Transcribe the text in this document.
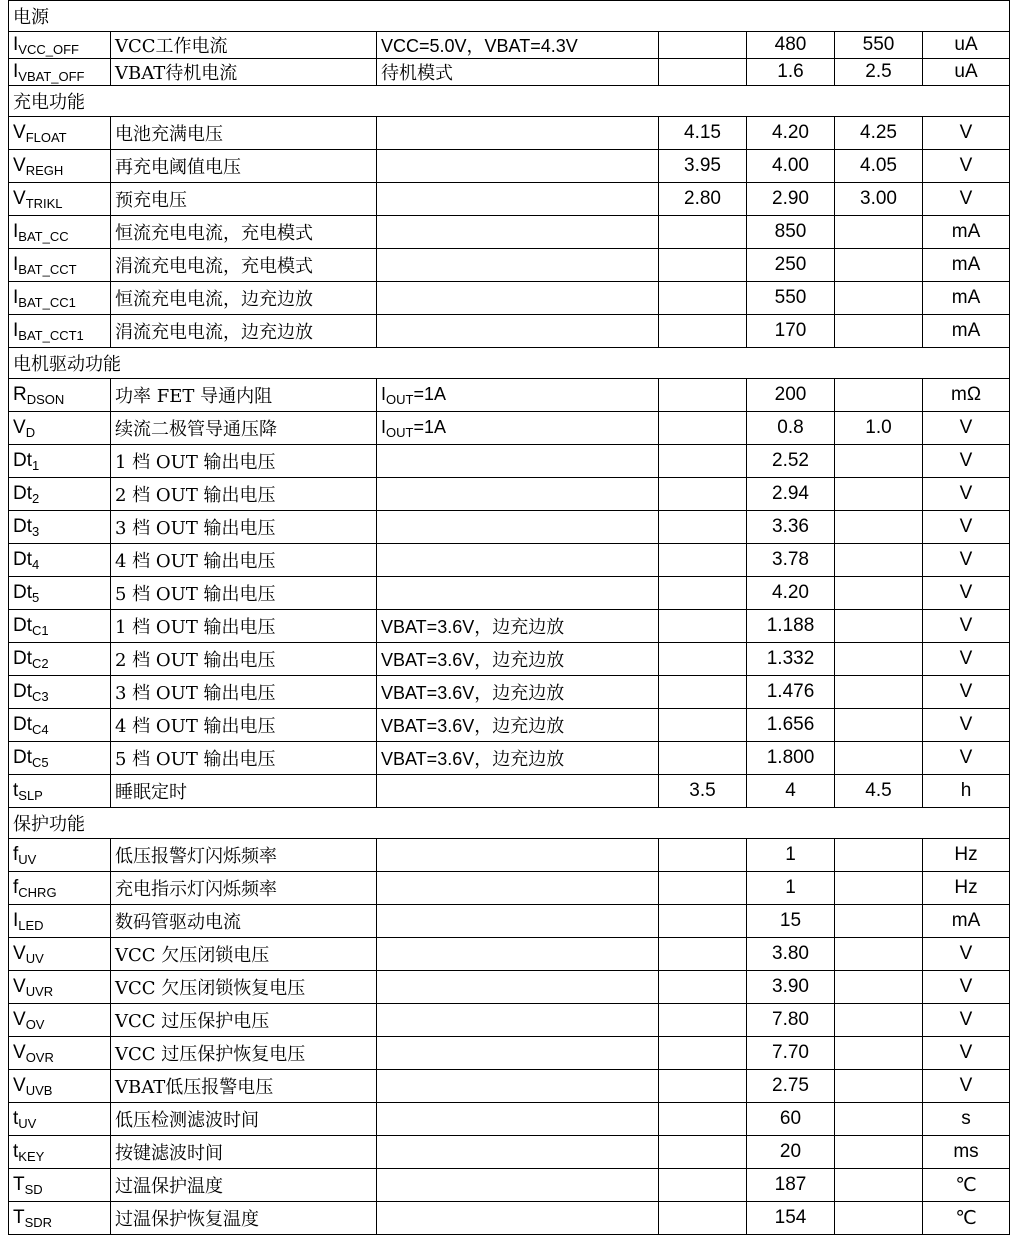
电源						
$I_{VCC\_OFF}$	VCC工作电流	VCC=5.0V，VBAT=4.3V		480	550	uA
$I_{VBAT\_OFF}$	VBAT待机电流	待机模式		1.6	2.5	uA
充电功能						
$V_{FLOAT}$	电池充满电压		4.15	4.20	4.25	V
$V_{REGH}$	再充电阈值电压		3.95	4.00	4.05	V
$V_{TRIKL}$	预充电压		2.80	2.90	3.00	V
$I_{BAT\_CC}$	恒流充电电流，充电模式			850		mA
$I_{BAT\_CCT}$	涓流充电电流，充电模式			250		mA
$I_{BAT\_CC1}$	恒流充电电流，边充边放			550		mA
$I_{BAT\_CCT1}$	涓流充电电流，边充边放			170		mA
电机驱动功能						
$R_{DSON}$	功率 FET 导通内阻	$I_{OUT}=1A$		200		mΩ
$V_D$	续流二极管导通压降	$I_{OUT}=1A$		0.8	1.0	V
$Dt_1$	1 档 OUT 输出电压			2.52		V
$Dt_2$	2 档 OUT 输出电压			2.94		V
$Dt_3$	3 档 OUT 输出电压			3.36		V
$Dt_4$	4 档 OUT 输出电压			3.78		V
$Dt_5$	5 档 OUT 输出电压			4.20		V
$Dt_{C1}$	1 档 OUT 输出电压	VBAT=3.6V，边充边放		1.188		V
$Dt_{C2}$	2 档 OUT 输出电压	VBAT=3.6V，边充边放		1.332		V
$Dt_{C3}$	3 档 OUT 输出电压	VBAT=3.6V，边充边放		1.476		V
$Dt_{C4}$	4 档 OUT 输出电压	VBAT=3.6V，边充边放		1.656		V
$Dt_{C5}$	5 档 OUT 输出电压	VBAT=3.6V，边充边放		1.800		V
$t_{SLP}$	睡眠定时		3.5	4	4.5	h
保护功能						
$f_{UV}$	低压报警灯闪烁频率			1		Hz
$f_{CHRG}$	充电指示灯闪烁频率			1		Hz
$I_{LED}$	数码管驱动电流			15		mA
$V_{UV}$	VCC 欠压闭锁电压			3.80		V
$V_{UVR}$	VCC 欠压闭锁恢复电压			3.90		V
$V_{OV}$	VCC 过压保护电压			7.80		V
$V_{OVR}$	VCC 过压保护恢复电压			7.70		V
$V_{UVB}$	VBAT低压报警电压			2.75		V
$t_{UV}$	低压检测滤波时间			60		s
$t_{KEY}$	按键滤波时间			20		ms
$T_{SD}$	过温保护温度			187		℃
$T_{SDR}$	过温保护恢复温度			154		℃
